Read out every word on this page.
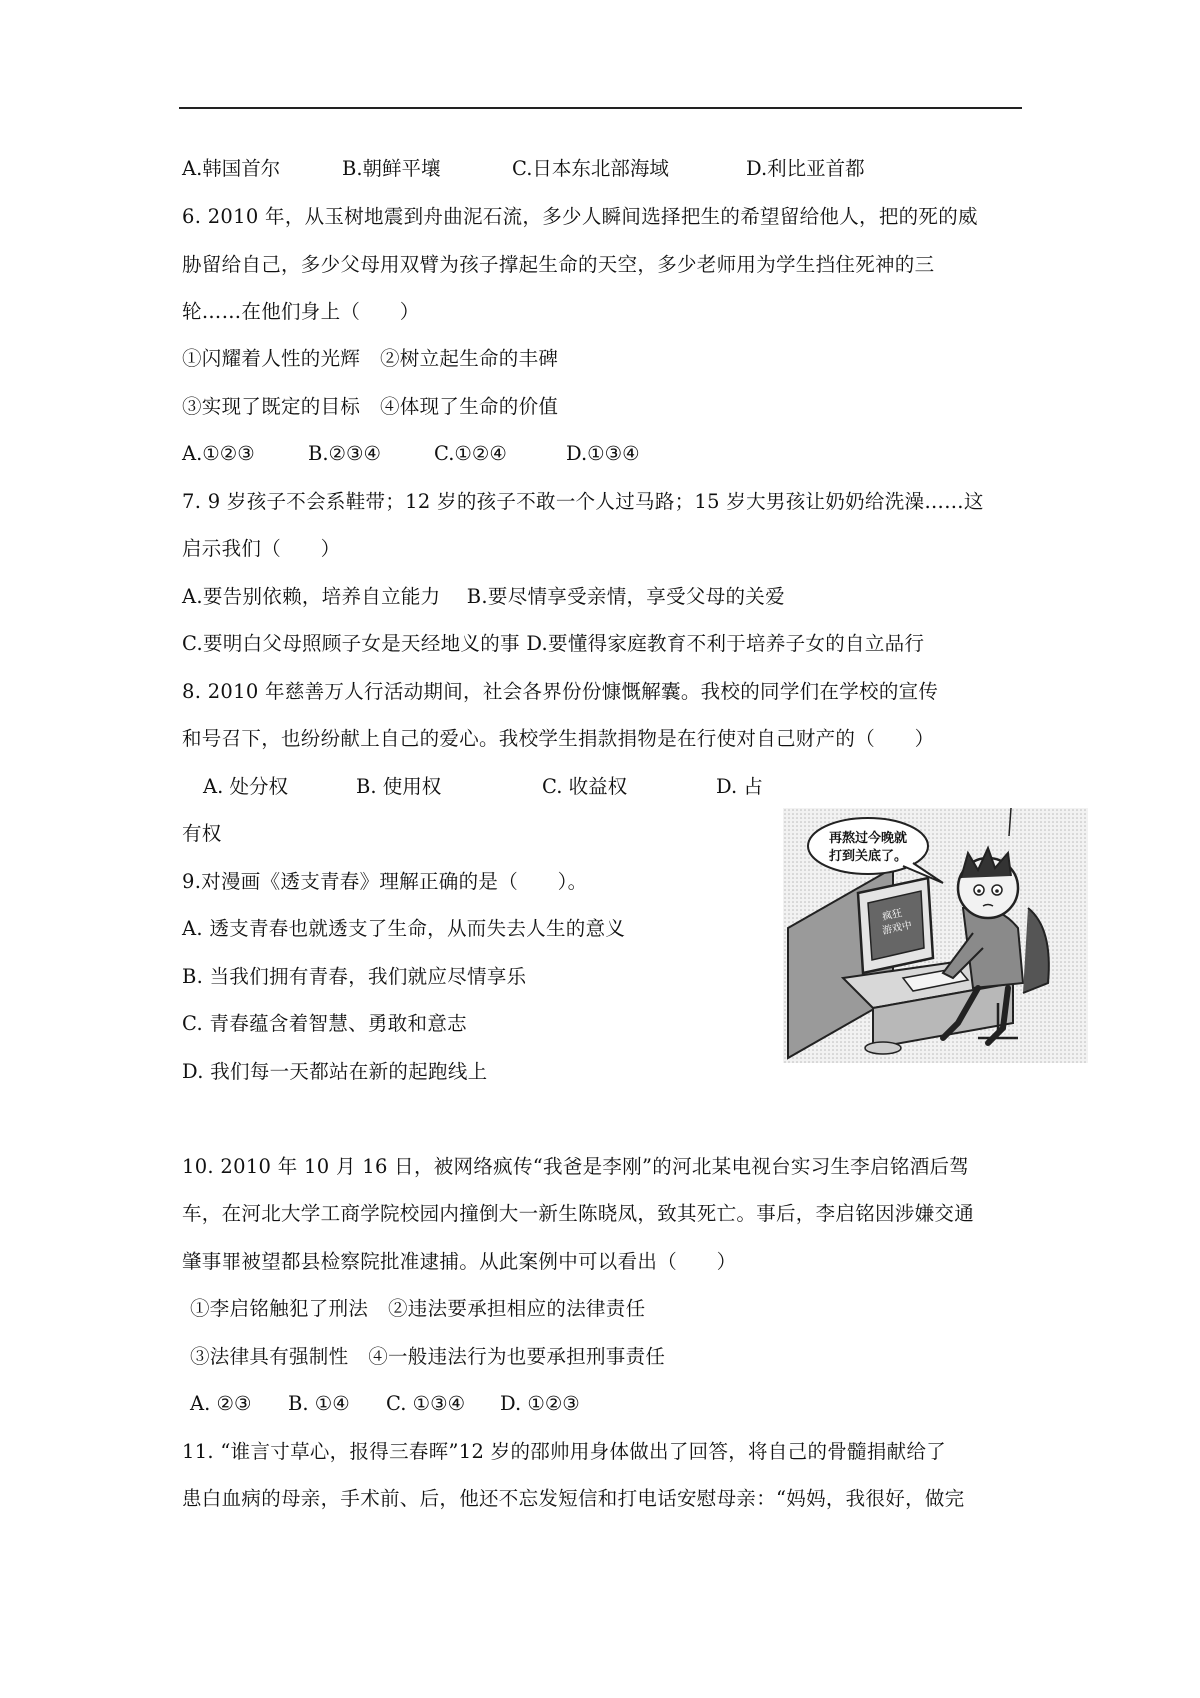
A.韩国首尔	B.朝鲜平壤	C.日本东北部海域	D.利比亚首都
6. 2010 年，从玉树地震到舟曲泥石流，多少人瞬间选择把生的希望留给他人，把的死的威
胁留给自己，多少父母用双臂为孩子撑起生命的天空，多少老师用为学生挡住死神的三
轮……在他们身上（　　）
①闪耀着人性的光辉　②树立起生命的丰碑
③实现了既定的目标　④体现了生命的价值
A.①②③	B.②③④	C.①②④	D.①③④
7. 9 岁孩子不会系鞋带；12 岁的孩子不敢一个人过马路；15 岁大男孩让奶奶给洗澡……这
启示我们（　　）
A.要告别依赖，培养自立能力　 B.要尽情享受亲情，享受父母的关爱
C.要明白父母照顾子女是天经地义的事 D.要懂得家庭教育不利于培养子女的自立品行
8. 2010 年慈善万人行活动期间，社会各界份份慷慨解囊。我校的同学们在学校的宣传
和号召下，也纷纷献上自己的爱心。我校学生捐款捐物是在行使对自己财产的（　　）
A. 处分权	B. 使用权	C. 收益权	D. 占
有权
9.对漫画《透支青春》理解正确的是（　　）。
A. 透支青春也就透支了生命，从而失去人生的意义
B. 当我们拥有青春，我们就应尽情享乐
C. 青春蕴含着智慧、勇敢和意志
D. 我们每一天都站在新的起跑线上
疯狂
游戏中
再熬过今晚就
打到关底了。
10. 2010 年 10 月 16 日，被网络疯传“我爸是李刚”的河北某电视台实习生李启铭酒后驾
车，在河北大学工商学院校园内撞倒大一新生陈晓凤，致其死亡。事后，李启铭因涉嫌交通
肇事罪被望都县检察院批准逮捕。从此案例中可以看出（　　）
①李启铭触犯了刑法　②违法要承担相应的法律责任
③法律具有强制性　④一般违法行为也要承担刑事责任
A. ②③ B. ①④ C. ①③④ D. ①②③
11. “谁言寸草心，报得三春晖”12 岁的邵帅用身体做出了回答，将自己的骨髓捐献给了
患白血病的母亲，手术前、后，他还不忘发短信和打电话安慰母亲：“妈妈，我很好，做完
